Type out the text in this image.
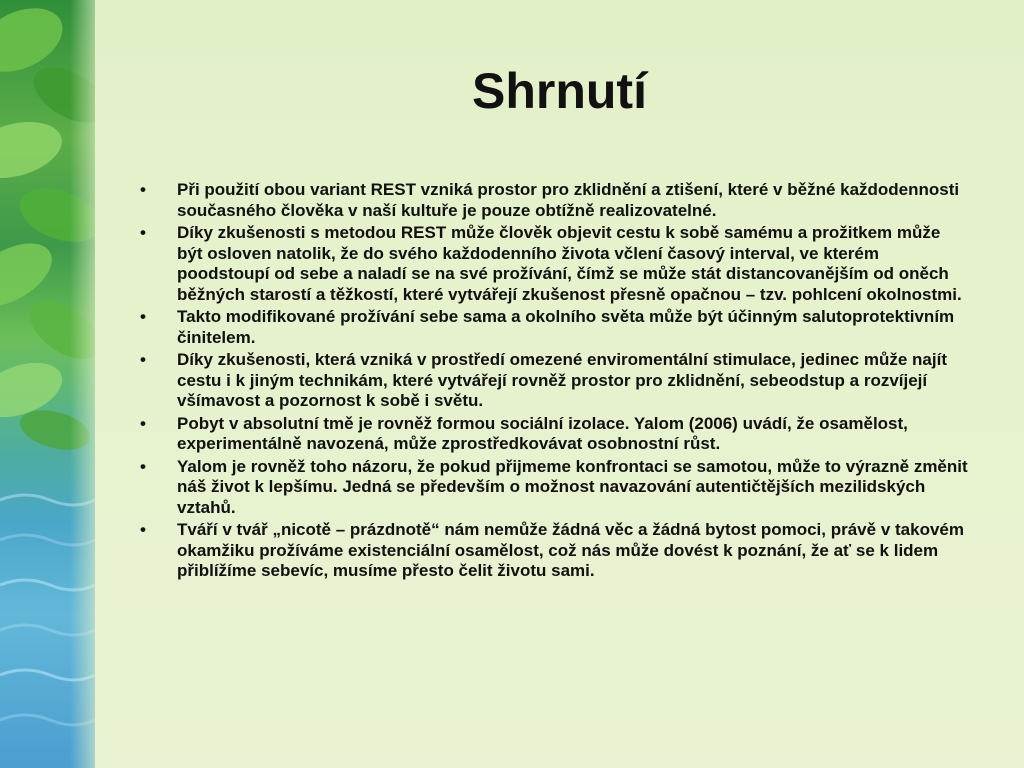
Shrnutí
• Při použití obou variant REST vzniká prostor pro zklidnění a ztišení, které v běžné každodennosti současného člověka v naší kultuře je pouze obtížně realizovatelné.
• Díky zkušenosti s metodou REST může člověk objevit cestu k sobě samému a prožitkem může být osloven natolik, že do svého každodenního života včlení časový interval, ve kterém poodstoupí od sebe a naladí se na své prožívání, čímž se může stát distancovanějším od oněch běžných starostí a těžkostí, které vytvářejí zkušenost přesně opačnou – tzv. pohlcení okolnostmi.
• Takto modifikované prožívání sebe sama a okolního světa může být účinným salutoprotektivním činitelem.
• Díky zkušenosti, která vzniká v prostředí omezené enviromentální stimulace, jedinec může najít cestu i k jiným technikám, které vytvářejí rovněž prostor pro zklidnění, sebeodstup a rozvíjejí všímavost a pozornost k sobě i světu.
• Pobyt v absolutní tmě je rovněž formou sociální izolace. Yalom (2006) uvádí, že osamělost, experimentálně navozená, může zprostředkovávat osobnostní růst.
• Yalom je rovněž toho názoru, že pokud přijmeme konfrontaci se samotou, může to výrazně změnit náš život k lepšímu. Jedná se především o možnost navazování autentičtějších mezilidských vztahů.
• Tváří v tvář „nicotě – prázdnotě“ nám nemůže žádná věc a žádná bytost pomoci, právě v takovém okamžiku prožíváme existenciální osamělost, což nás může dovést k poznání, že ať se k lidem přiblížíme sebevíc, musíme přesto čelit životu sami.
